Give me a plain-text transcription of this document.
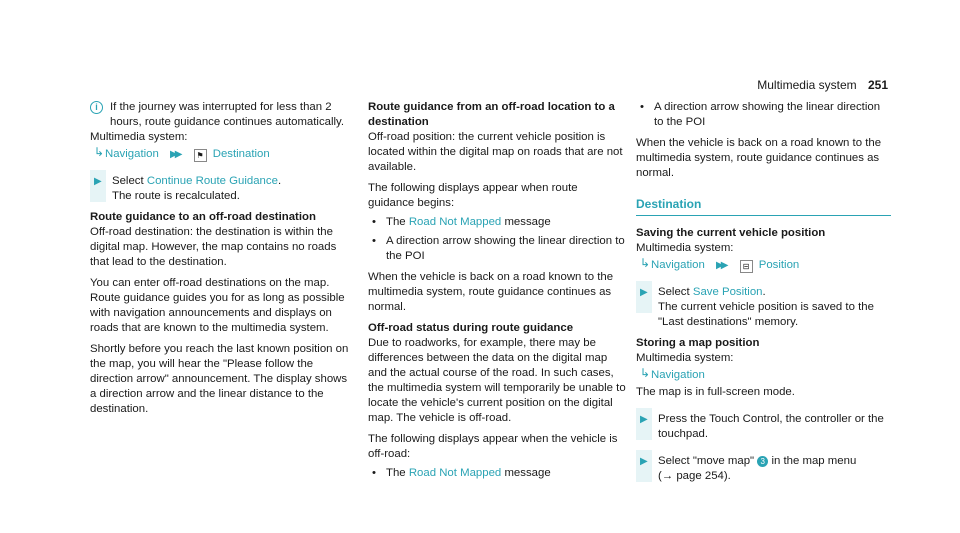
Multimedia system 251

i	If the journey was interrupted for less than 2 hours, route guidance continues automatically.

Multimedia system:

↳ Navigation ▶▶ ⚑ Destination

▶ Select Continue Route Guidance.

The route is recalculated.

Route guidance to an off-road destination

Off-road destination: the destination is within the digital map. However, the map contains no roads that lead to the destination.

You can enter off-road destinations on the map. Route guidance guides you for as long as possible with navigation announcements and displays on roads that are known to the multimedia system.

Shortly before you reach the last known position on the map, you will hear the "Please follow the direction arrow" announcement. The display shows a direction arrow and the linear distance to the destination.

Route guidance from an off-road location to a destination

Off-road position: the current vehicle position is located within the digital map on roads that are not available.

The following displays appear when route guidance begins:

• The Road Not Mapped message

• A direction arrow showing the linear direction to the POI

When the vehicle is back on a road known to the multimedia system, route guidance continues as normal.

Off-road status during route guidance

Due to roadworks, for example, there may be differences between the data on the digital map and the actual course of the road. In such cases, the multimedia system will temporarily be unable to locate the vehicle's current position on the digital map. The vehicle is off-road.

The following displays appear when the vehicle is off-road:

• The Road Not Mapped message

• A direction arrow showing the linear direction to the POI

When the vehicle is back on a road known to the multimedia system, route guidance continues as normal.

Destination

Saving the current vehicle position

Multimedia system:

↳ Navigation ▶▶ ⊟ Position

▶ Select Save Position.

The current vehicle position is saved to the "Last destinations" memory.

Storing a map position

Multimedia system:

↳ Navigation

The map is in full-screen mode.

▶ Press the Touch Control, the controller or the touchpad.

▶ Select "move map" 3 in the map menu

(→ page 254).
